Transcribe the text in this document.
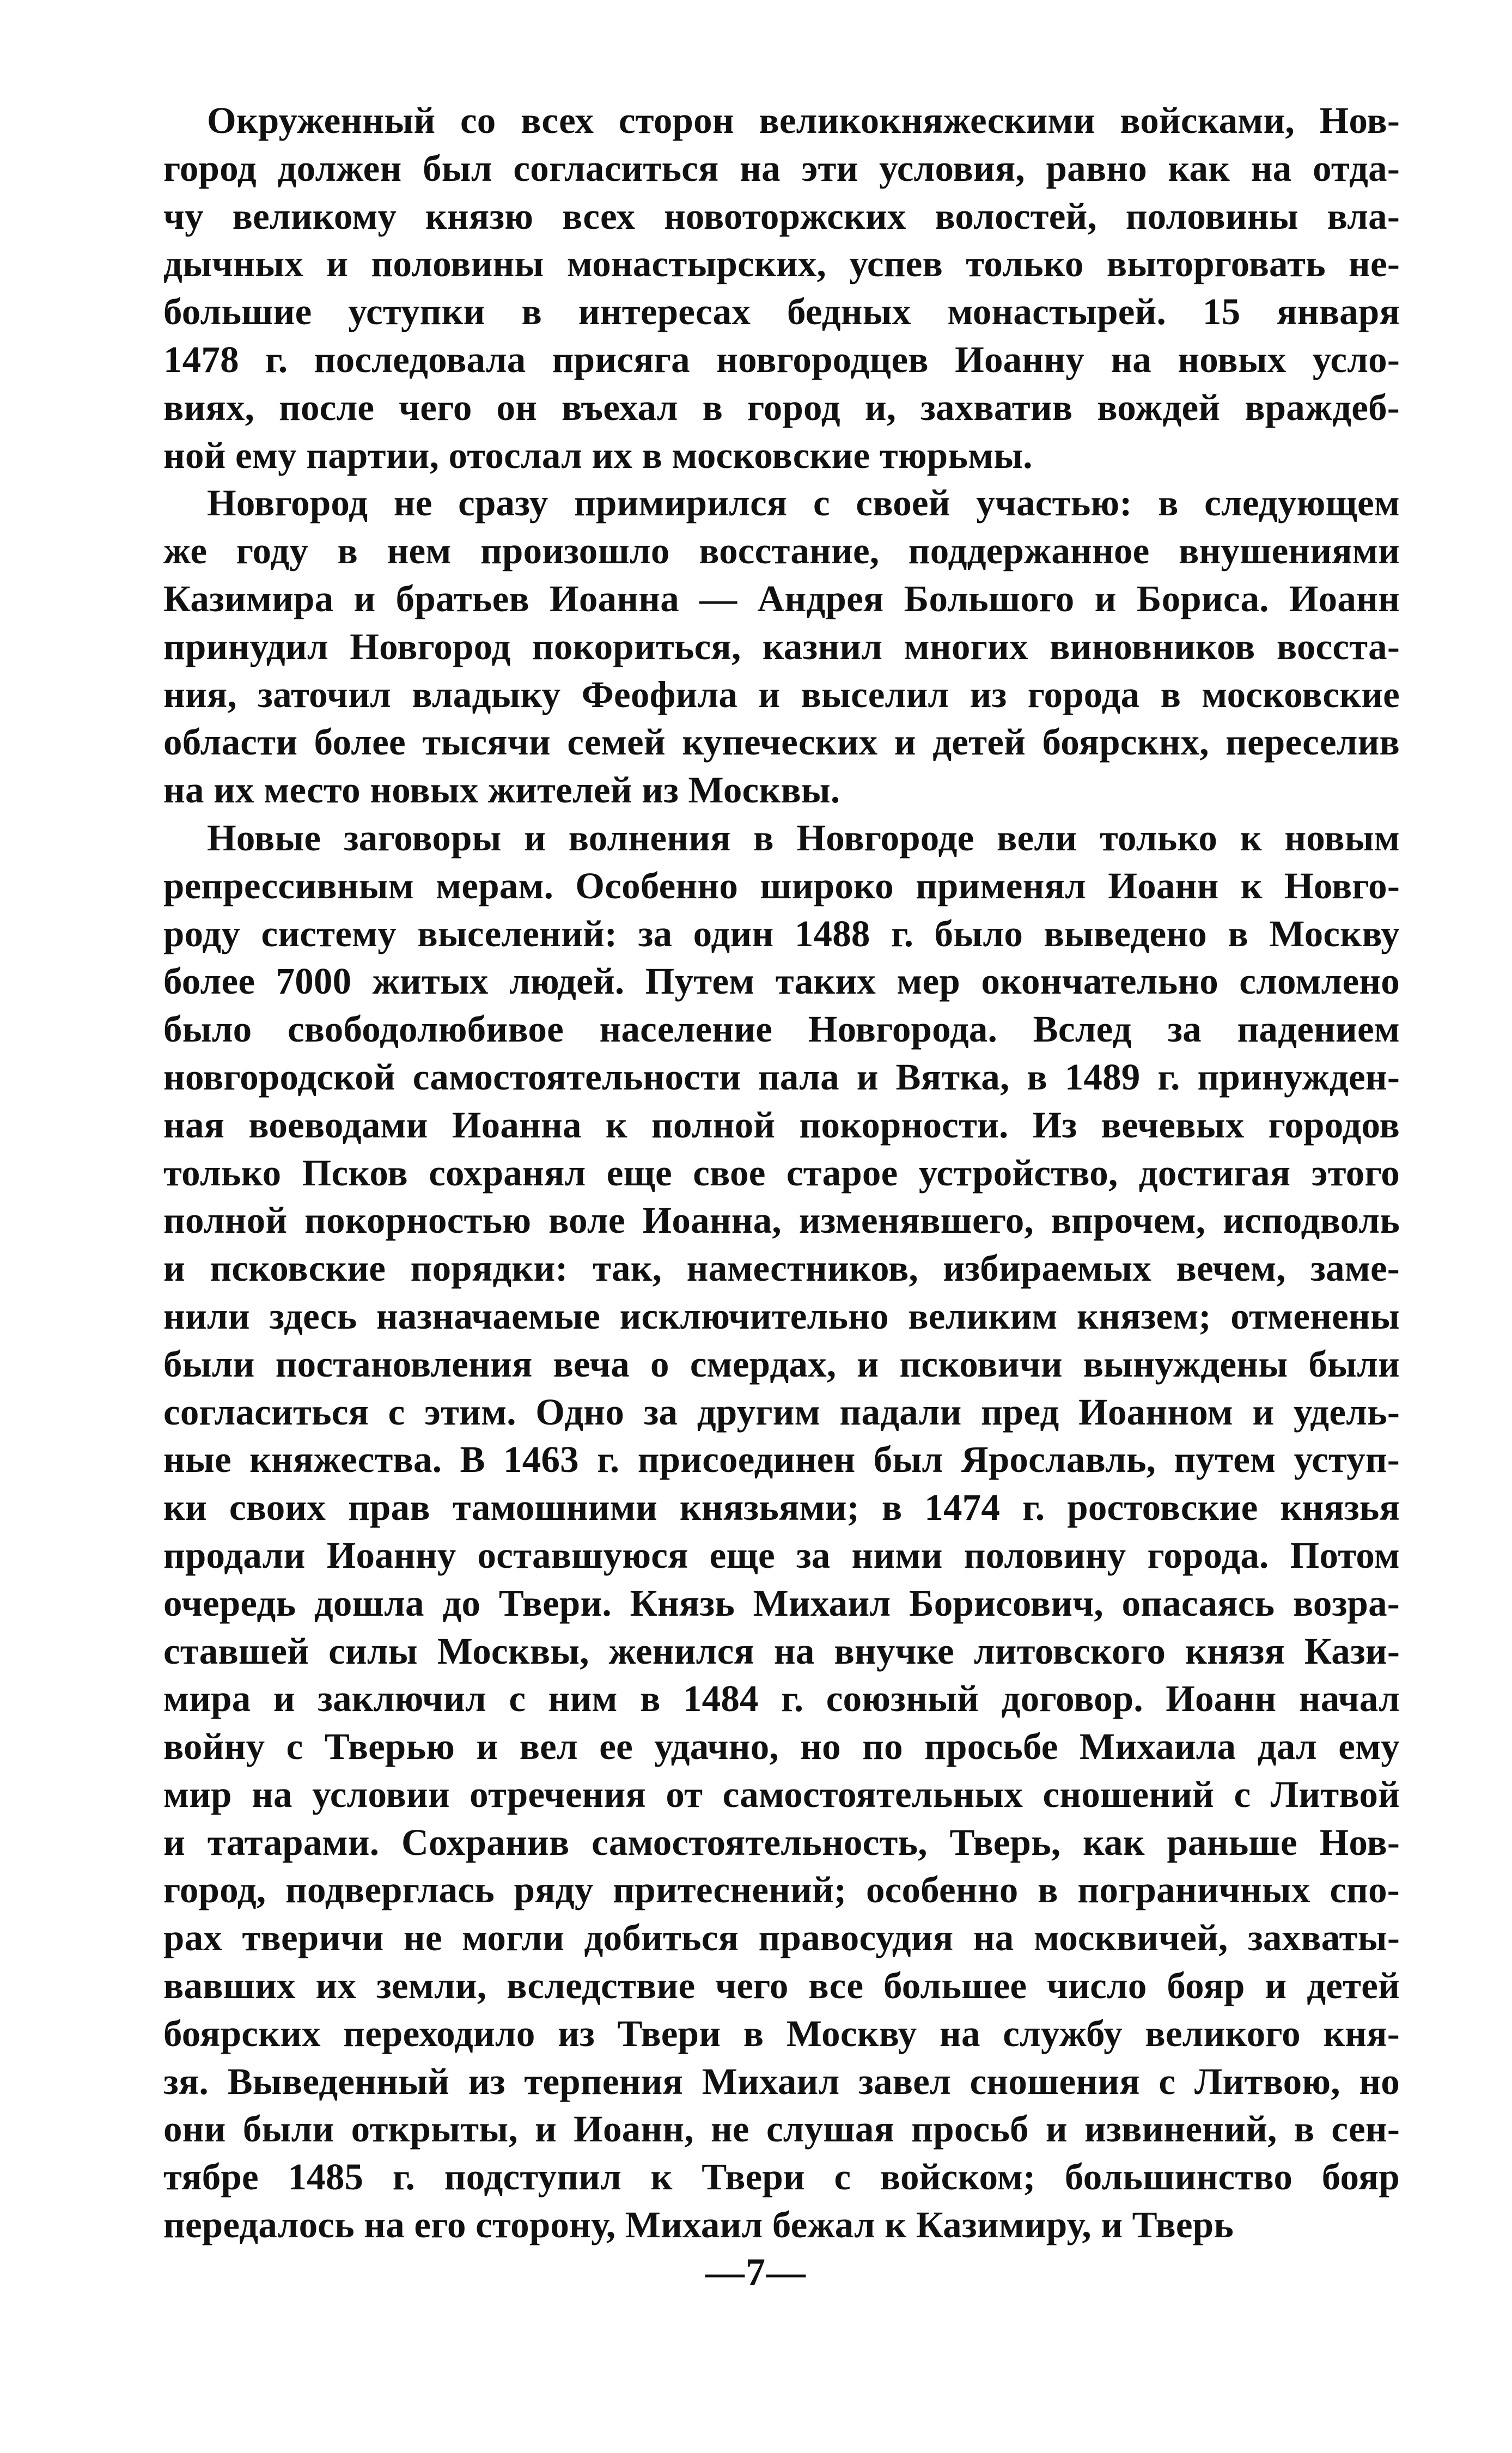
Окруженный со всех сторон великокняжескими войсками, Нов-
город должен был согласиться на эти условия, равно как на отда-
чу великому князю всех новоторжских волостей, половины вла-
дычных и половины монастырских, успев только выторговать не-
большие уступки в интересах бедных монастырей. 15 января
1478 г. последовала присяга новгородцев Иоанну на новых усло-
виях, после чего он въехал в город и, захватив вождей враждеб-
ной ему партии, отослал их в московские тюрьмы.
Новгород не сразу примирился с своей участью: в следующем
же году в нем произошло восстание, поддержанное внушениями
Казимира и братьев Иоанна — Андрея Большого и Бориса. Иоанн
принудил Новгород покориться, казнил многих виновников восста-
ния, заточил владыку Феофила и выселил из города в московские
области более тысячи семей купеческих и детей боярскнх, переселив
на их место новых жителей из Москвы.
Новые заговоры и волнения в Новгороде вели только к новым
репрессивным мерам. Особенно широко применял Иоанн к Новго-
роду систему выселений: за один 1488 г. было выведено в Москву
более 7000 житых людей. Путем таких мер окончательно сломлено
было свободолюбивое население Новгорода. Вслед за падением
новгородской самостоятельности пала и Вятка, в 1489 г. принужден-
ная воеводами Иоанна к полной покорности. Из вечевых городов
только Псков сохранял еще свое старое устройство, достигая этого
полной покорностью воле Иоанна, изменявшего, впрочем, исподволь
и псковские порядки: так, наместников, избираемых вечем, заме-
нили здесь назначаемые исключительно великим князем; отменены
были постановления веча о смердах, и псковичи вынуждены были
согласиться с этим. Одно за другим падали пред Иоанном и удель-
ные княжества. В 1463 г. присоединен был Ярославль, путем уступ-
ки своих прав тамошними князьями; в 1474 г. ростовские князья
продали Иоанну оставшуюся еще за ними половину города. Потом
очередь дошла до Твери. Князь Михаил Борисович, опасаясь возра-
ставшей силы Москвы, женился на внучке литовского князя Кази-
мира и заключил с ним в 1484 г. союзный договор. Иоанн начал
войну с Тверью и вел ее удачно, но по просьбе Михаила дал ему
мир на условии отречения от самостоятельных сношений с Литвой
и татарами. Сохранив самостоятельность, Тверь, как раньше Нов-
город, подверглась ряду притеснений; особенно в пограничных спо-
рах тверичи не могли добиться правосудия на москвичей, захваты-
вавших их земли, вследствие чего все большее число бояр и детей
боярских переходило из Твери в Москву на службу великого кня-
зя. Выведенный из терпения Михаил завел сношения с Литвою, но
они были открыты, и Иоанн, не слушая просьб и извинений, в сен-
тябре 1485 г. подступил к Твери с войском; большинство бояр
передалось на его сторону, Михаил бежал к Казимиру, и Тверь
—7—
